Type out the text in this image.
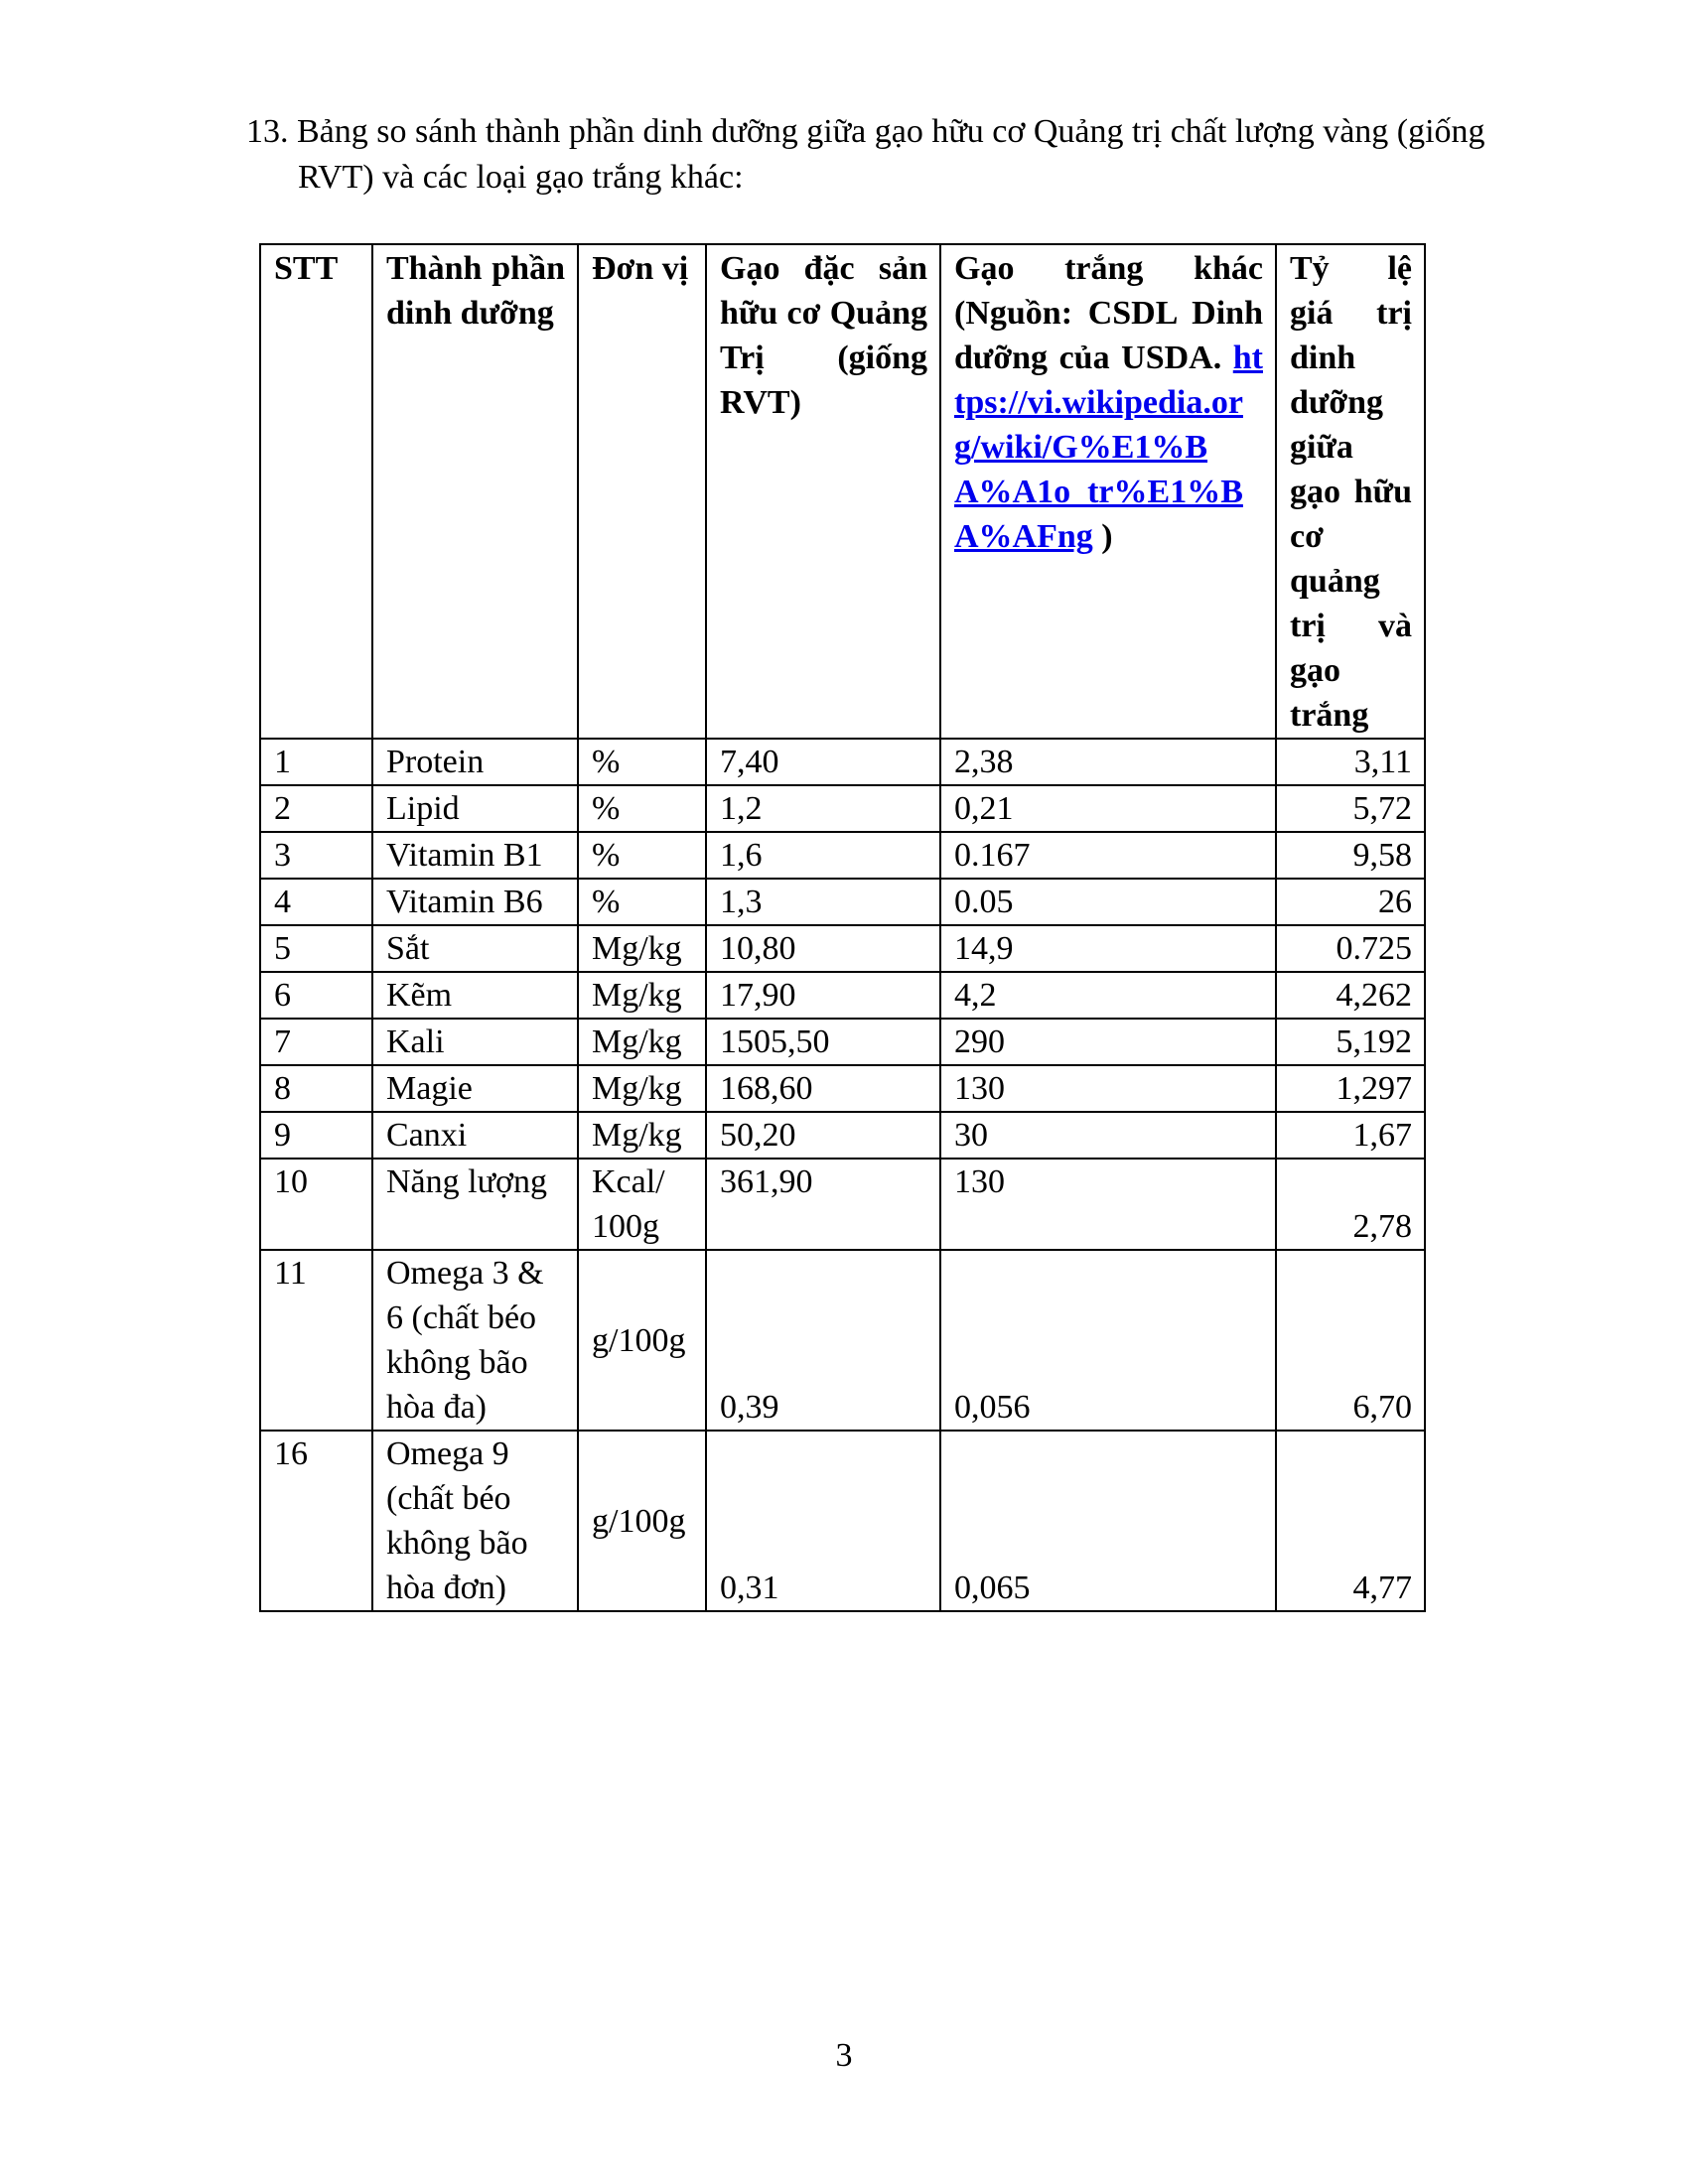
13. Bảng so sánh thành phần dinh dưỡng giữa gạo hữu cơ Quảng trị chất lượng vàng (giống RVT) và các loại gạo trắng khác:

STT	Thành phần dinh dưỡng	Đơn vị	Gạo đặc sản hữu cơ Quảng Trị (giống RVT)	Gạo trắng khác (Nguồn: CSDL Dinh dưỡng của USDA. https://vi.wikipedia.org/wiki/G%E1%BA%A1o_tr%E1%BA%AFng )	Tỷ lệ giá trị dinh dưỡng giữa gạo hữu cơ quảng trị và gạo trắng
1	Protein	%	7,40	2,38	3,11
2	Lipid	%	1,2	0,21	5,72
3	Vitamin B1	%	1,6	0.167	9,58
4	Vitamin B6	%	1,3	0.05	26
5	Sắt	Mg/kg	10,80	14,9	0.725
6	Kẽm	Mg/kg	17,90	4,2	4,262
7	Kali	Mg/kg	1505,50	290	5,192
8	Magie	Mg/kg	168,60	130	1,297
9	Canxi	Mg/kg	50,20	30	1,67
10	Năng lượng	Kcal/ 100g	361,90	130	2,78
11	Omega 3 & 6 (chất béo không bão hòa đa)	g/100g	0,39	0,056	6,70
16	Omega 9 (chất béo không bão hòa đơn)	g/100g	0,31	0,065	4,77
3
